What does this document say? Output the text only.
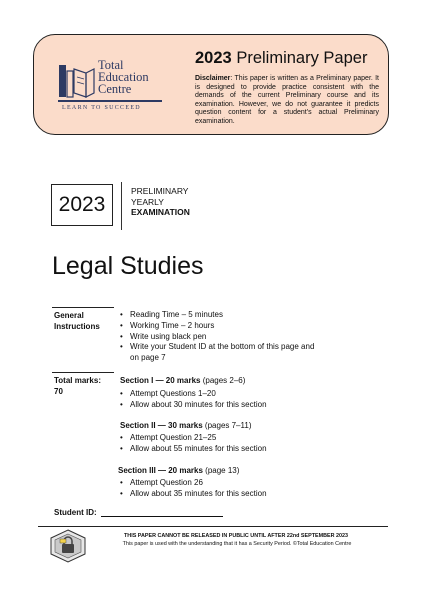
Total
Education
Centre
LEARN TO SUCCEED
2023 Preliminary Paper
Disclaimer: This paper is written as a Preliminary paper. It is designed to provide practice consistent with the demands of the current Preliminary course and its examination. However, we do not guarantee it predicts question content for a student’s actual Preliminary examination.
2023
PRELIMINARY
YEARLY
EXAMINATION
Legal Studies
General
Instructions
• Reading Time – 5 minutes
• Working Time – 2 hours
• Write using black pen
• Write your Student ID at the bottom of this page and on page 7
Total marks:
70
Section I — 20 marks (pages 2–6)
• Attempt Questions 1–20
• Allow about 30 minutes for this section
Section II — 30 marks (pages 7–11)
• Attempt Question 21–25
• Allow about 55 minutes for this section
Section III — 20 marks (page 13)
• Attempt Question 26
• Allow about 35 minutes for this section
Student ID:
THIS PAPER CANNOT BE RELEASED IN PUBLIC UNTIL AFTER 22nd SEPTEMBER 2023
This paper is used with the understanding that it has a Security Period. ©Total Education Centre
